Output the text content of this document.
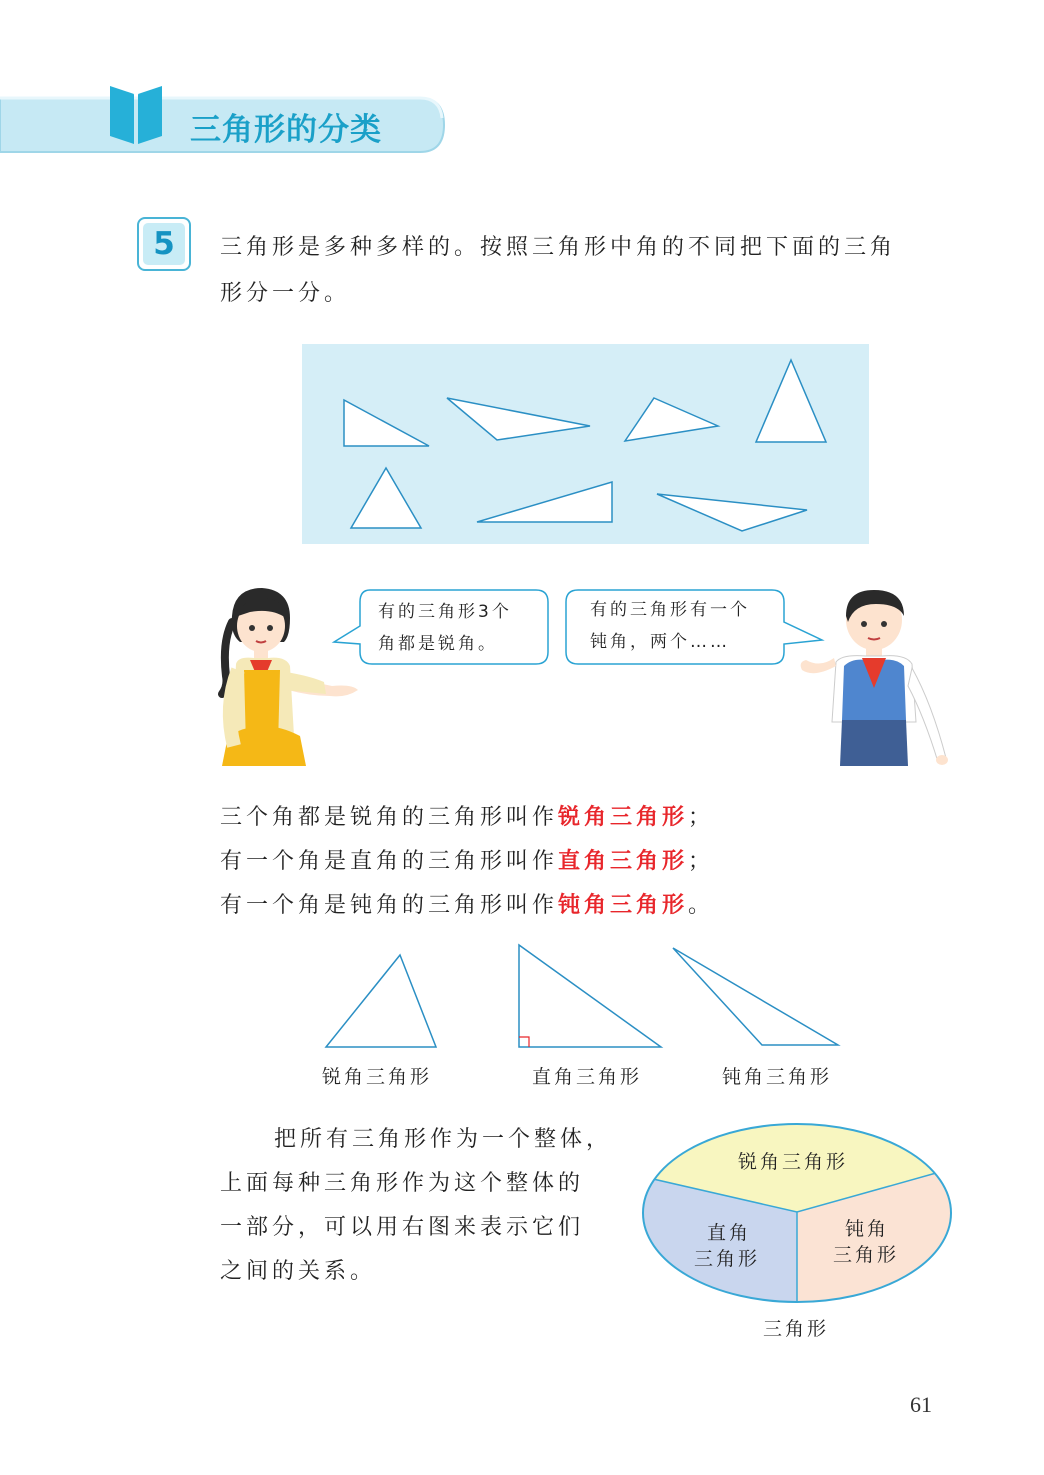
三角形的分类
5	三角形是多种多样的。按照三角形中角的不同把下面的三角
形分一分。
有的三角形3个
角都是锐角。
有的三角形有一个
钝角，两个……
三个角都是锐角的三角形叫作锐角三角形；
有一个角是直角的三角形叫作直角三角形；
有一个角是钝角的三角形叫作钝角三角形。
锐角三角形	直角三角形	钝角三角形
把所有三角形作为一个整体，
上面每种三角形作为这个整体的
一部分，可以用右图来表示它们
之间的关系。
锐角三角形
直角
三角形
钝角
三角形
三角形
61
